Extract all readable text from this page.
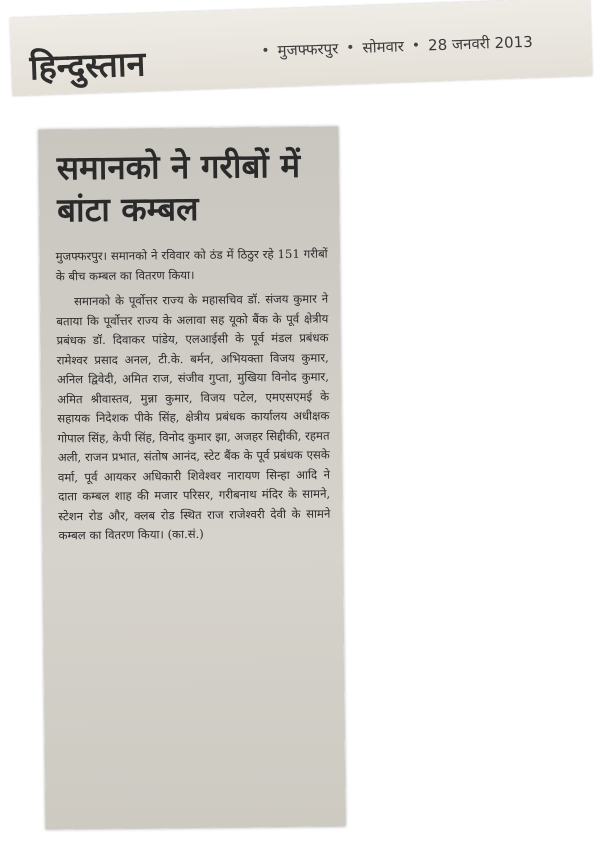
हिन्दुस्तान	• मुजफ्फरपुर • सोमवार • 28 जनवरी 2013
समानको ने गरीबों में बांटा कम्बल

मुजफ्फरपुर। समानको ने रविवार को ठंड में ठिठुर रहे 151 गरीबों के बीच कम्बल का वितरण किया।

समानको के पूर्वोत्तर राज्य के महासचिव डॉ. संजय कुमार ने बताया कि पूर्वोत्तर राज्य के अलावा सह यूको बैंक के पूर्व क्षेत्रीय प्रबंधक डॉ. दिवाकर पांडेय, एलआईसी के पूर्व मंडल प्रबंधक रामेश्वर प्रसाद अनल, टी.के. बर्मन, अभियक्ता विजय कुमार, अनिल द्विवेदी, अमित राज, संजीव गुप्ता, मुखिया विनोद कुमार, अमित श्रीवास्तव, मुन्ना कुमार, विजय पटेल, एमएसएमई के सहायक निदेशक पीके सिंह, क्षेत्रीय प्रबंधक कार्यालय अधीक्षक गोपाल सिंह, केपी सिंह, विनोद कुमार झा, अजहर सिद्दीकी, रहमत अली, राजन प्रभात, संतोष आनंद, स्टेट बैंक के पूर्व प्रबंधक एसके वर्मा, पूर्व आयकर अधिकारी शिवेश्वर नारायण सिन्हा आदि ने दाता कम्बल शाह की मजार परिसर, गरीबनाथ मंदिर के सामने, स्टेशन रोड और, क्लब रोड स्थित राज राजेश्वरी देवी के सामने कम्बल का वितरण किया। (का.सं.)
